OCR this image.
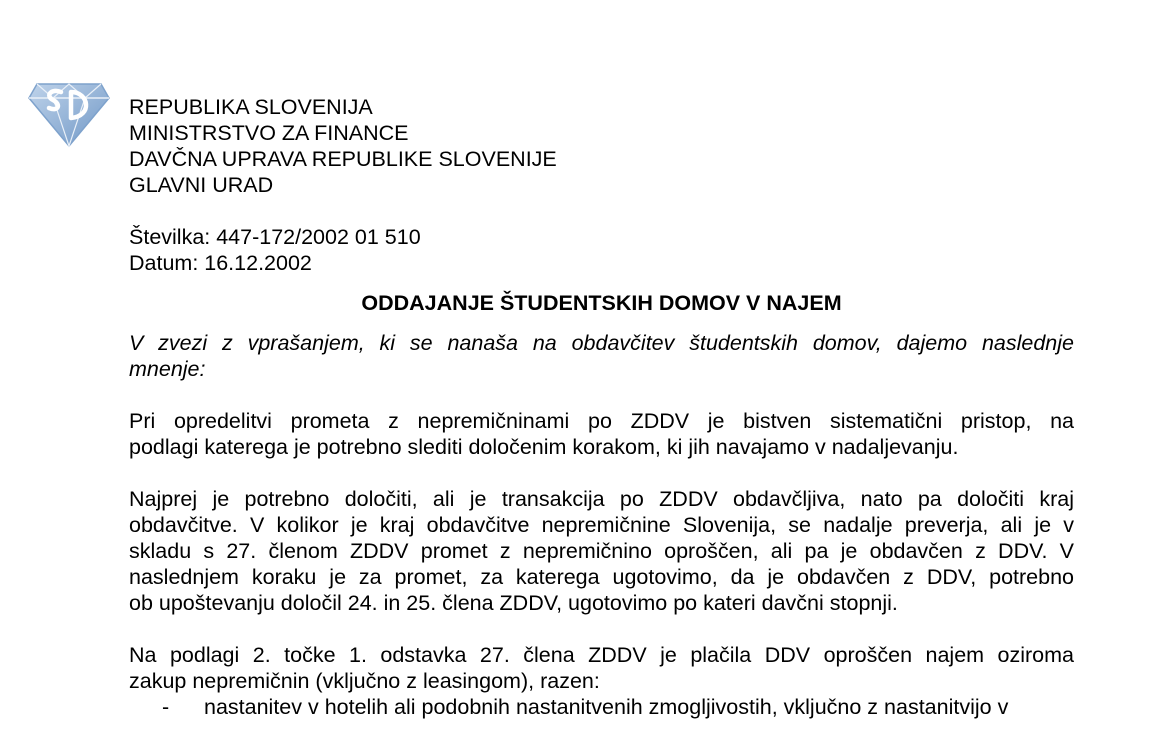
REPUBLIKA SLOVENIJA
MINISTRSTVO ZA FINANCE
DAVČNA UPRAVA REPUBLIKE SLOVENIJE
GLAVNI URAD
Številka: 447-172/2002 01 510
Datum: 16.12.2002
ODDAJANJE ŠTUDENTSKIH DOMOV V NAJEM
V zvezi z vprašanjem, ki se nanaša na obdavčitev študentskih domov, dajemo naslednje
mnenje:
Pri opredelitvi prometa z nepremičninami po ZDDV je bistven sistematični pristop, na
podlagi katerega je potrebno slediti določenim korakom, ki jih navajamo v nadaljevanju.
Najprej je potrebno določiti, ali je transakcija po ZDDV obdavčljiva, nato pa določiti kraj
obdavčitve. V kolikor je kraj obdavčitve nepremičnine Slovenija, se nadalje preverja, ali je v
skladu s 27. členom ZDDV promet z nepremičnino oproščen, ali pa je obdavčen z DDV. V
naslednjem koraku je za promet, za katerega ugotovimo, da je obdavčen z DDV, potrebno
ob upoštevanju določil 24. in 25. člena ZDDV, ugotovimo po kateri davčni stopnji.
Na podlagi 2. točke 1. odstavka 27. člena ZDDV je plačila DDV oproščen najem oziroma
zakup nepremičnin (vključno z leasingom), razen:
-	nastanitev v hotelih ali podobnih nastanitvenih zmogljivostih, vključno z nastanitvijo v
